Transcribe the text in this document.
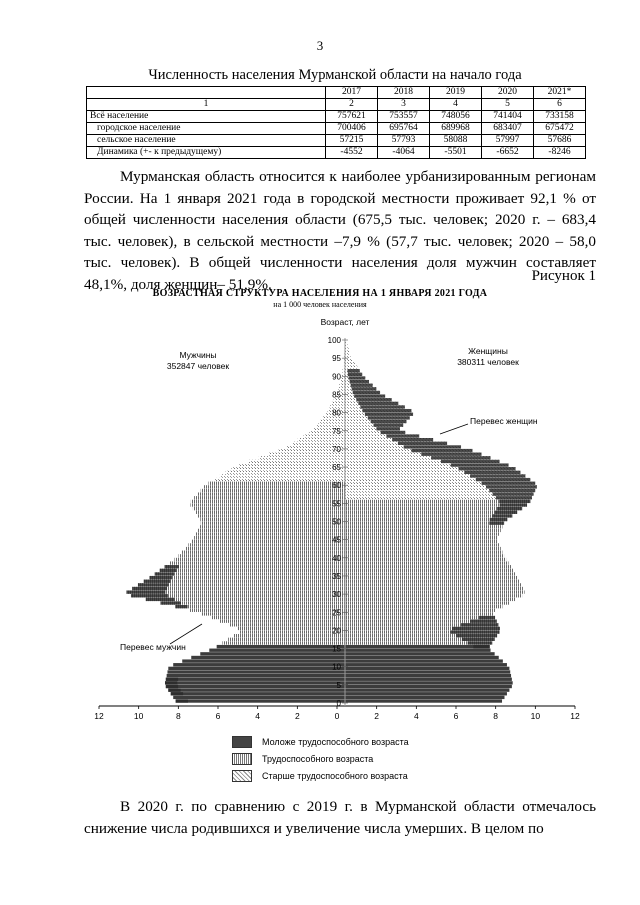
3
Численность населения Мурманской области на начало года
	2017	2018	2019	2020	2021*
1	2	3	4	5	6
Всё население	757621	753557	748056	741404	733158
городское население	700406	695764	689968	683407	675472
сельское население	57215	57793	58088	57997	57686
Динамика (+- к предыдущему)	-4552	-4064	-5501	-6652	-8246

Мурманская область относится к наиболее урбанизированным регионам России. На 1 января 2021 года в городской местности проживает 92,1 % от общей численности населения области (675,5 тыс. человек; 2020 г. – 683,4 тыс. человек), в сельской местности –7,9 % (57,7 тыс. человек; 2020 – 58,0 тыс. человек). В общей численности населения доля мужчин составляет 48,1%, доля женщин– 51,9%.	Рисунок 1
ВОЗРАСТНАЯ СТРУКТУРА НАСЕЛЕНИЯ НА 1 ЯНВАРЯ 2021 ГОДА
на 1 000 человек населения
0
5
10
15
20
25
30
35
40
45
50
55
60
65
70
75
80
85
90
95
100
12	10	8	6	4	2	0	2	4	6	8	10	12
Возраст, лет
Мужчины
352847 человек
Женщины
380311 человек
Перевес женщин
Перевес мужчин
Моложе трудоспособного возраста
Трудоспособного возраста
Старше трудоспособного возраста

В 2020 г. по сравнению с 2019 г. в Мурманской области отмечалось снижение числа родившихся и увеличение числа умерших. В целом по
